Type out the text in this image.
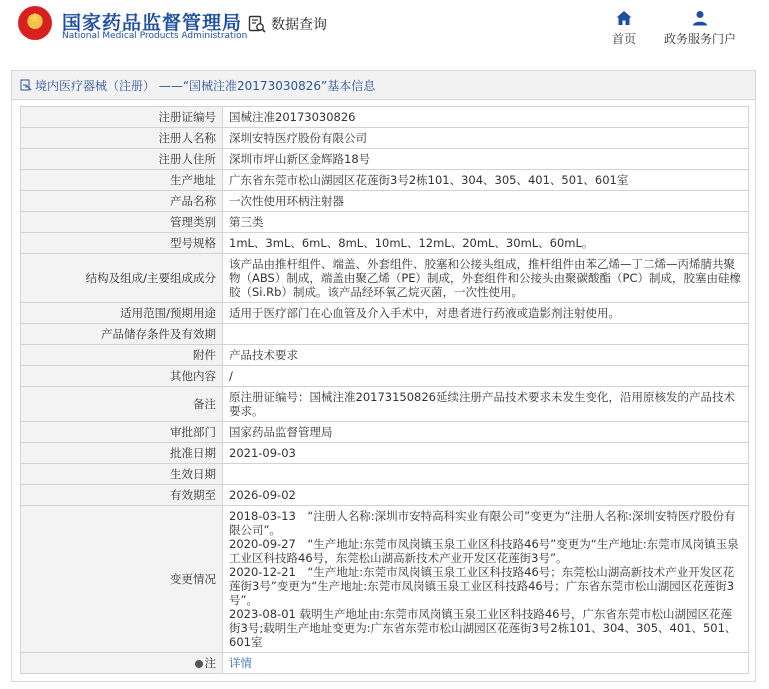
★
国家药品监督管理局
National Medical Products Administration
数据查询
首页 政务服务门户
境内医疗器械（注册） ——“国械注准20173030826”基本信息
注册证编号	国械注准20173030826
注册人名称	深圳安特医疗股份有限公司
注册人住所	深圳市坪山新区金辉路18号
生产地址	广东省东莞市松山湖园区花莲街3号2栋101、304、305、401、501、601室
产品名称	一次性使用环柄注射器
管理类别	第三类
型号规格	1mL、3mL、6mL、8mL、10mL、12mL、20mL、30mL、60mL。
结构及组成/主要组成成分	该产品由推杆组件、端盖、外套组件、胶塞和公接头组成，推杆组件由苯乙烯—丁二烯—丙烯腈共聚物（ABS）制成，端盖由聚乙烯（PE）制成，外套组件和公接头由聚碳酸酯（PC）制成，胶塞由硅橡胶（Si.Rb）制成。该产品经环氧乙烷灭菌，一次性使用。
适用范围/预期用途	适用于医疗部门在心血管及介入手术中，对患者进行药液或造影剂注射使用。
产品储存条件及有效期	
附件	产品技术要求
其他内容	/
备注	原注册证编号：国械注准20173150826延续注册产品技术要求未发生变化，沿用原核发的产品技术要求。
审批部门	国家药品监督管理局
批准日期	2021-09-03
生效日期	
有效期至	2026-09-02
变更情况	2018-03-13　“注册人名称:深圳市安特高科实业有限公司”变更为“注册人名称:深圳安特医疗股份有限公司”。
2020-09-27　“生产地址:东莞市凤岗镇玉泉工业区科技路46号”变更为“生产地址:东莞市凤岗镇玉泉工业区科技路46号，东莞松山湖高新技术产业开发区花莲街3号”。
2020-12-21　“生产地址:东莞市凤岗镇玉泉工业区科技路46号；东莞松山湖高新技术产业开发区花莲街3号”变更为“生产地址:东莞市凤岗镇玉泉工业区科技路46号；广东省东莞市松山湖园区花莲街3号”。
2023-08-01 载明生产地址由:东莞市凤岗镇玉泉工业区科技路46号，广东省东莞市松山湖园区花莲街3号;载明生产地址变更为:广东省东莞市松山湖园区花莲街3号2栋101、304、305、401、501、601室
注	详情
